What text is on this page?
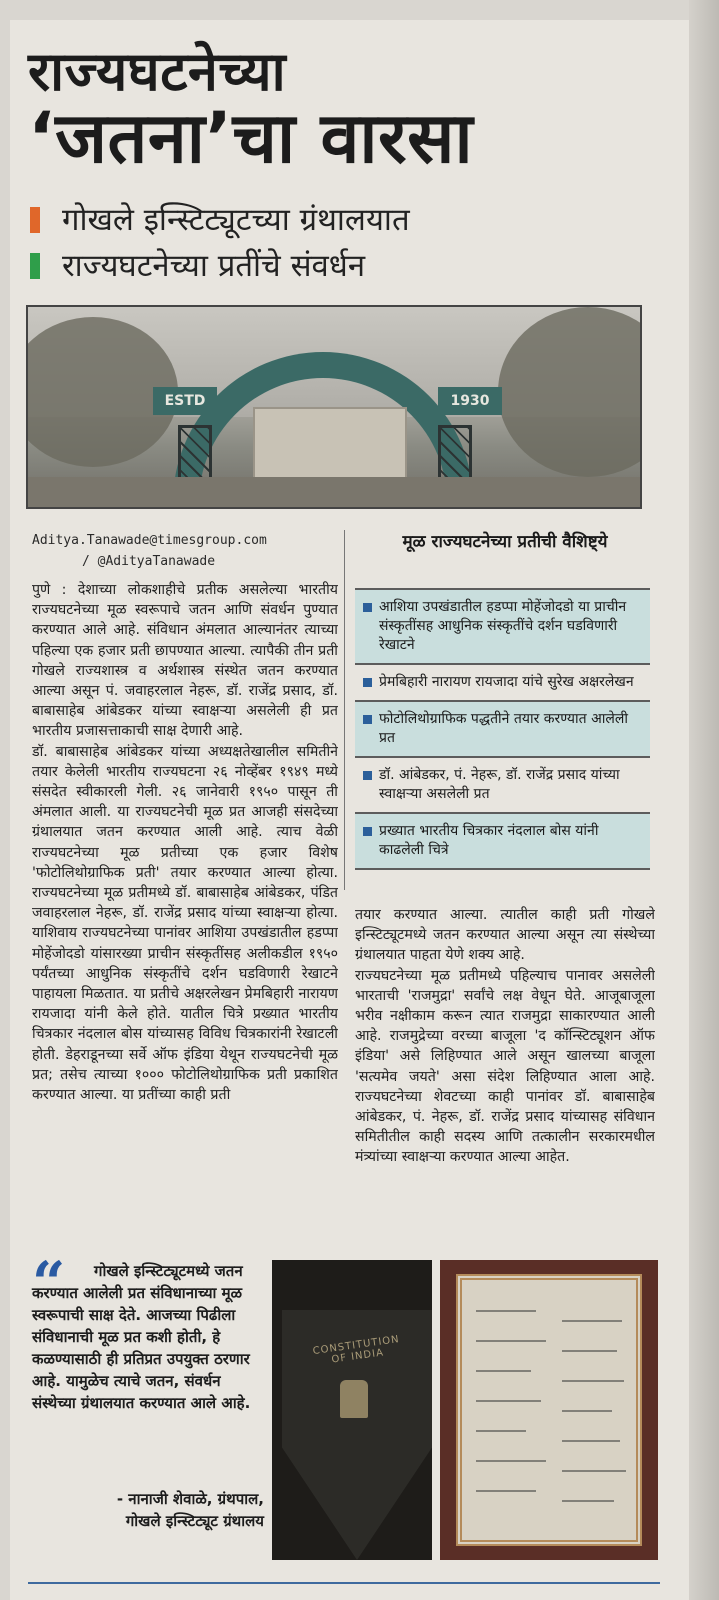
राज्यघटनेच्या
‘जतना’चा वारसा
गोखले इन्स्टिट्यूटच्या ग्रंथालयात
राज्यघटनेच्या प्रतींचे संवर्धन
ESTD	1930
Aditya.Tanawade@timesgroup.com
/ @AdityaTanawade
पुणे : देशाच्या लोकशाहीचे प्रतीक असलेल्या भारतीय राज्यघटनेच्या मूळ स्वरूपाचे जतन आणि संवर्धन पुण्यात करण्यात आले आहे. संविधान अंमलात आल्यानंतर त्याच्या पहिल्या एक हजार प्रती छापण्यात आल्या. त्यापैकी तीन प्रती गोखले राज्यशास्त्र व अर्थशास्त्र संस्थेत जतन करण्यात आल्या असून पं. जवाहरलाल नेहरू, डॉ. राजेंद्र प्रसाद, डॉ. बाबासाहेब आंबेडकर यांच्या स्वाक्षऱ्या असलेली ही प्रत भारतीय प्रजासत्ताकाची साक्ष देणारी आहे.
डॉ. बाबासाहेब आंबेडकर यांच्या अध्यक्षतेखालील समितीने तयार केलेली भारतीय राज्यघटना २६ नोव्हेंबर १९४९ मध्ये संसदेत स्वीकारली गेली. २६ जानेवारी १९५० पासून ती अंमलात आली. या राज्यघटनेची मूळ प्रत आजही संसदेच्या ग्रंथालयात जतन करण्यात आली आहे. त्याच वेळी राज्यघटनेच्या मूळ प्रतीच्या एक हजार विशेष 'फोटोलिथोग्राफिक प्रती' तयार करण्यात आल्या होत्या. राज्यघटनेच्या मूळ प्रतीमध्ये डॉ. बाबासाहेब आंबेडकर, पंडित जवाहरलाल नेहरू, डॉ. राजेंद्र प्रसाद यांच्या स्वाक्षऱ्या होत्या. याशिवाय राज्यघटनेच्या पानांवर आशिया उपखंडातील हडप्पा मोहेंजोदडो यांसारख्या प्राचीन संस्कृतींसह अलीकडील १९५० पर्यंतच्या आधुनिक संस्कृतींचे दर्शन घडविणारी रेखाटने पाहायला मिळतात. या प्रतीचे अक्षरलेखन प्रेमबिहारी नारायण रायजादा यांनी केले होते. यातील चित्रे प्रख्यात भारतीय चित्रकार नंदलाल बोस यांच्यासह विविध चित्रकारांनी रेखाटली होती. डेहराडूनच्या सर्वे ऑफ इंडिया येथून राज्यघटनेची मूळ प्रत; तसेच त्याच्या १००० फोटोलिथोग्राफिक प्रती प्रकाशित करण्यात आल्या. या प्रतींच्या काही प्रती
मूळ राज्यघटनेच्या प्रतीची वैशिष्ट्ये
आशिया उपखंडातील हडप्पा मोहेंजोदडो या प्राचीन संस्कृतींसह आधुनिक संस्कृतींचे दर्शन घडविणारी रेखाटने
प्रेमबिहारी नारायण रायजादा यांचे सुरेख अक्षरलेखन
फोटोलिथोग्राफिक पद्धतीने तयार करण्यात आलेली प्रत
डॉ. आंबेडकर, पं. नेहरू, डॉ. राजेंद्र प्रसाद यांच्या स्वाक्षऱ्या असलेली प्रत
प्रख्यात भारतीय चित्रकार नंदलाल बोस यांनी काढलेली चित्रे
तयार करण्यात आल्या. त्यातील काही प्रती गोखले इन्स्टिट्यूटमध्ये जतन करण्यात आल्या असून त्या संस्थेच्या ग्रंथालयात पाहता येणे शक्य आहे.
राज्यघटनेच्या मूळ प्रतीमध्ये पहिल्याच पानावर असलेली भारताची 'राजमुद्रा' सर्वांचे लक्ष वेधून घेते. आजूबाजूला भरीव नक्षीकाम करून त्यात राजमुद्रा साकारण्यात आली आहे. राजमुद्रेच्या वरच्या बाजूला 'द कॉन्स्टिट्यूशन ऑफ इंडिया' असे लिहिण्यात आले असून खालच्या बाजूला 'सत्यमेव जयते' असा संदेश लिहिण्यात आला आहे. राज्यघटनेच्या शेवटच्या काही पानांवर डॉ. बाबासाहेब आंबेडकर, पं. नेहरू, डॉ. राजेंद्र प्रसाद यांच्यासह संविधान समितीतील काही सदस्य आणि तत्कालीन सरकारमधील मंत्र्यांच्या स्वाक्षऱ्या करण्यात आल्या आहेत.
“	गोखले इन्स्टिट्यूटमध्ये जतन करण्यात आलेली प्रत संविधानाच्या मूळ स्वरूपाची साक्ष देते. आजच्या पिढीला संविधानाची मूळ प्रत कशी होती, हे कळण्यासाठी ही प्रतिप्रत उपयुक्त ठरणार आहे. यामुळेच त्याचे जतन, संवर्धन संस्थेच्या ग्रंथालयात करण्यात आले आहे.
- नानाजी शेवाळे, ग्रंथपाल,
गोखले इन्स्टिट्यूट ग्रंथालय
CONSTITUTION OF INDIA
